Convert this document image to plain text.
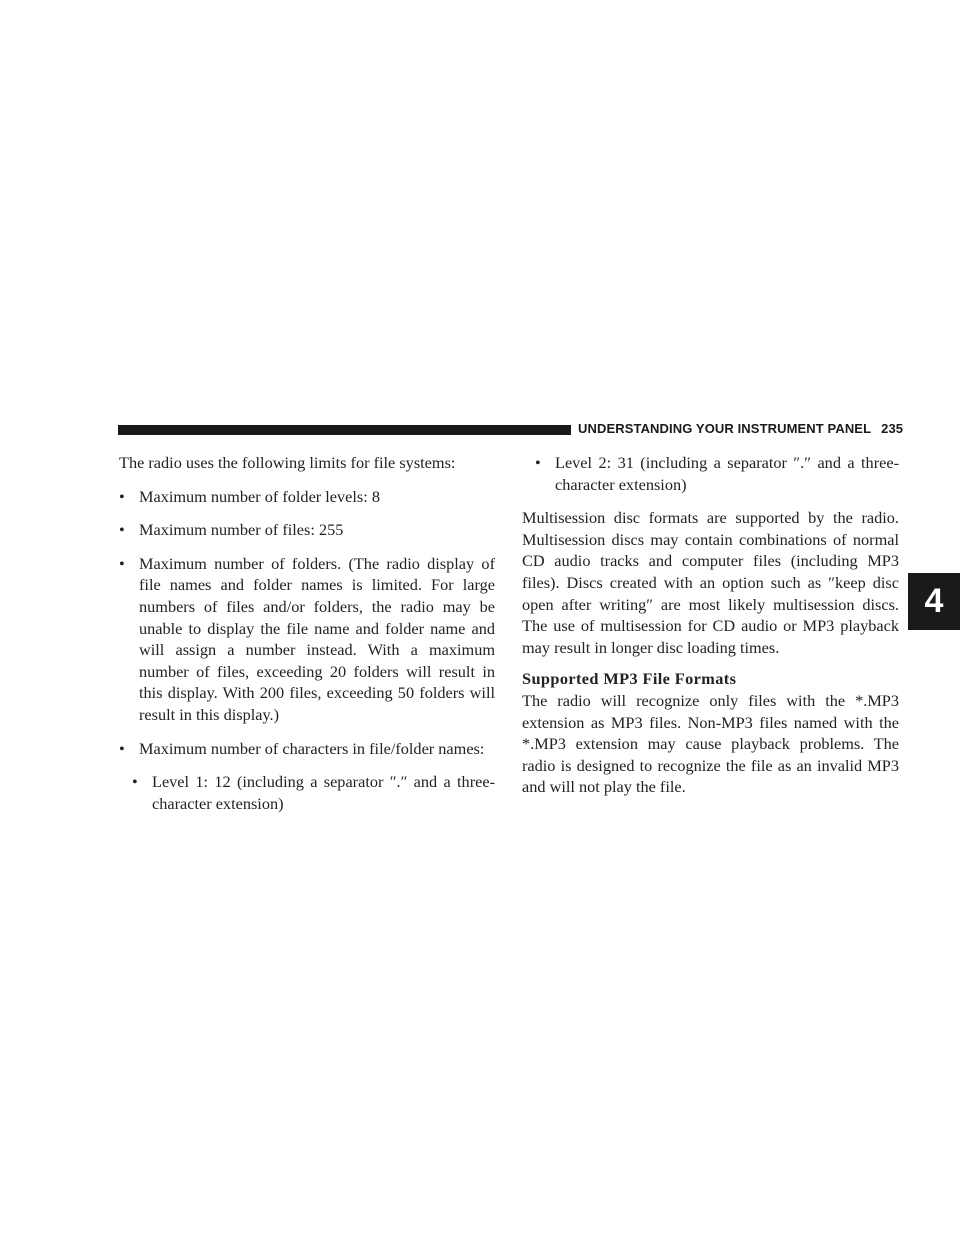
UNDERSTANDING YOUR INSTRUMENT PANEL 235
4

The radio uses the following limits for file systems:

• Maximum number of folder levels: 8
• Maximum number of files: 255
• Maximum number of folders. (The radio display of file names and folder names is limited. For large numbers of files and/or folders, the radio may be unable to display the file name and folder name and will assign a number instead. With a maximum number of files, exceeding 20 folders will result in this display. With 200 files, exceeding 50 folders will result in this display.)
• Maximum number of characters in file/folder names:
• Level 1: 12 (including a separator ″.″ and a three-character extension)
• Level 2: 31 (including a separator ″.″ and a three-character extension)

Multisession disc formats are supported by the radio. Multisession discs may contain combinations of normal CD audio tracks and computer files (including MP3 files). Discs created with an option such as ″keep disc open after writing″ are most likely multisession discs. The use of multisession for CD audio or MP3 playback may result in longer disc loading times.

Supported MP3 File Formats

The radio will recognize only files with the *.MP3 extension as MP3 files. Non-MP3 files named with the *.MP3 extension may cause playback problems. The radio is designed to recognize the file as an invalid MP3 and will not play the file.
